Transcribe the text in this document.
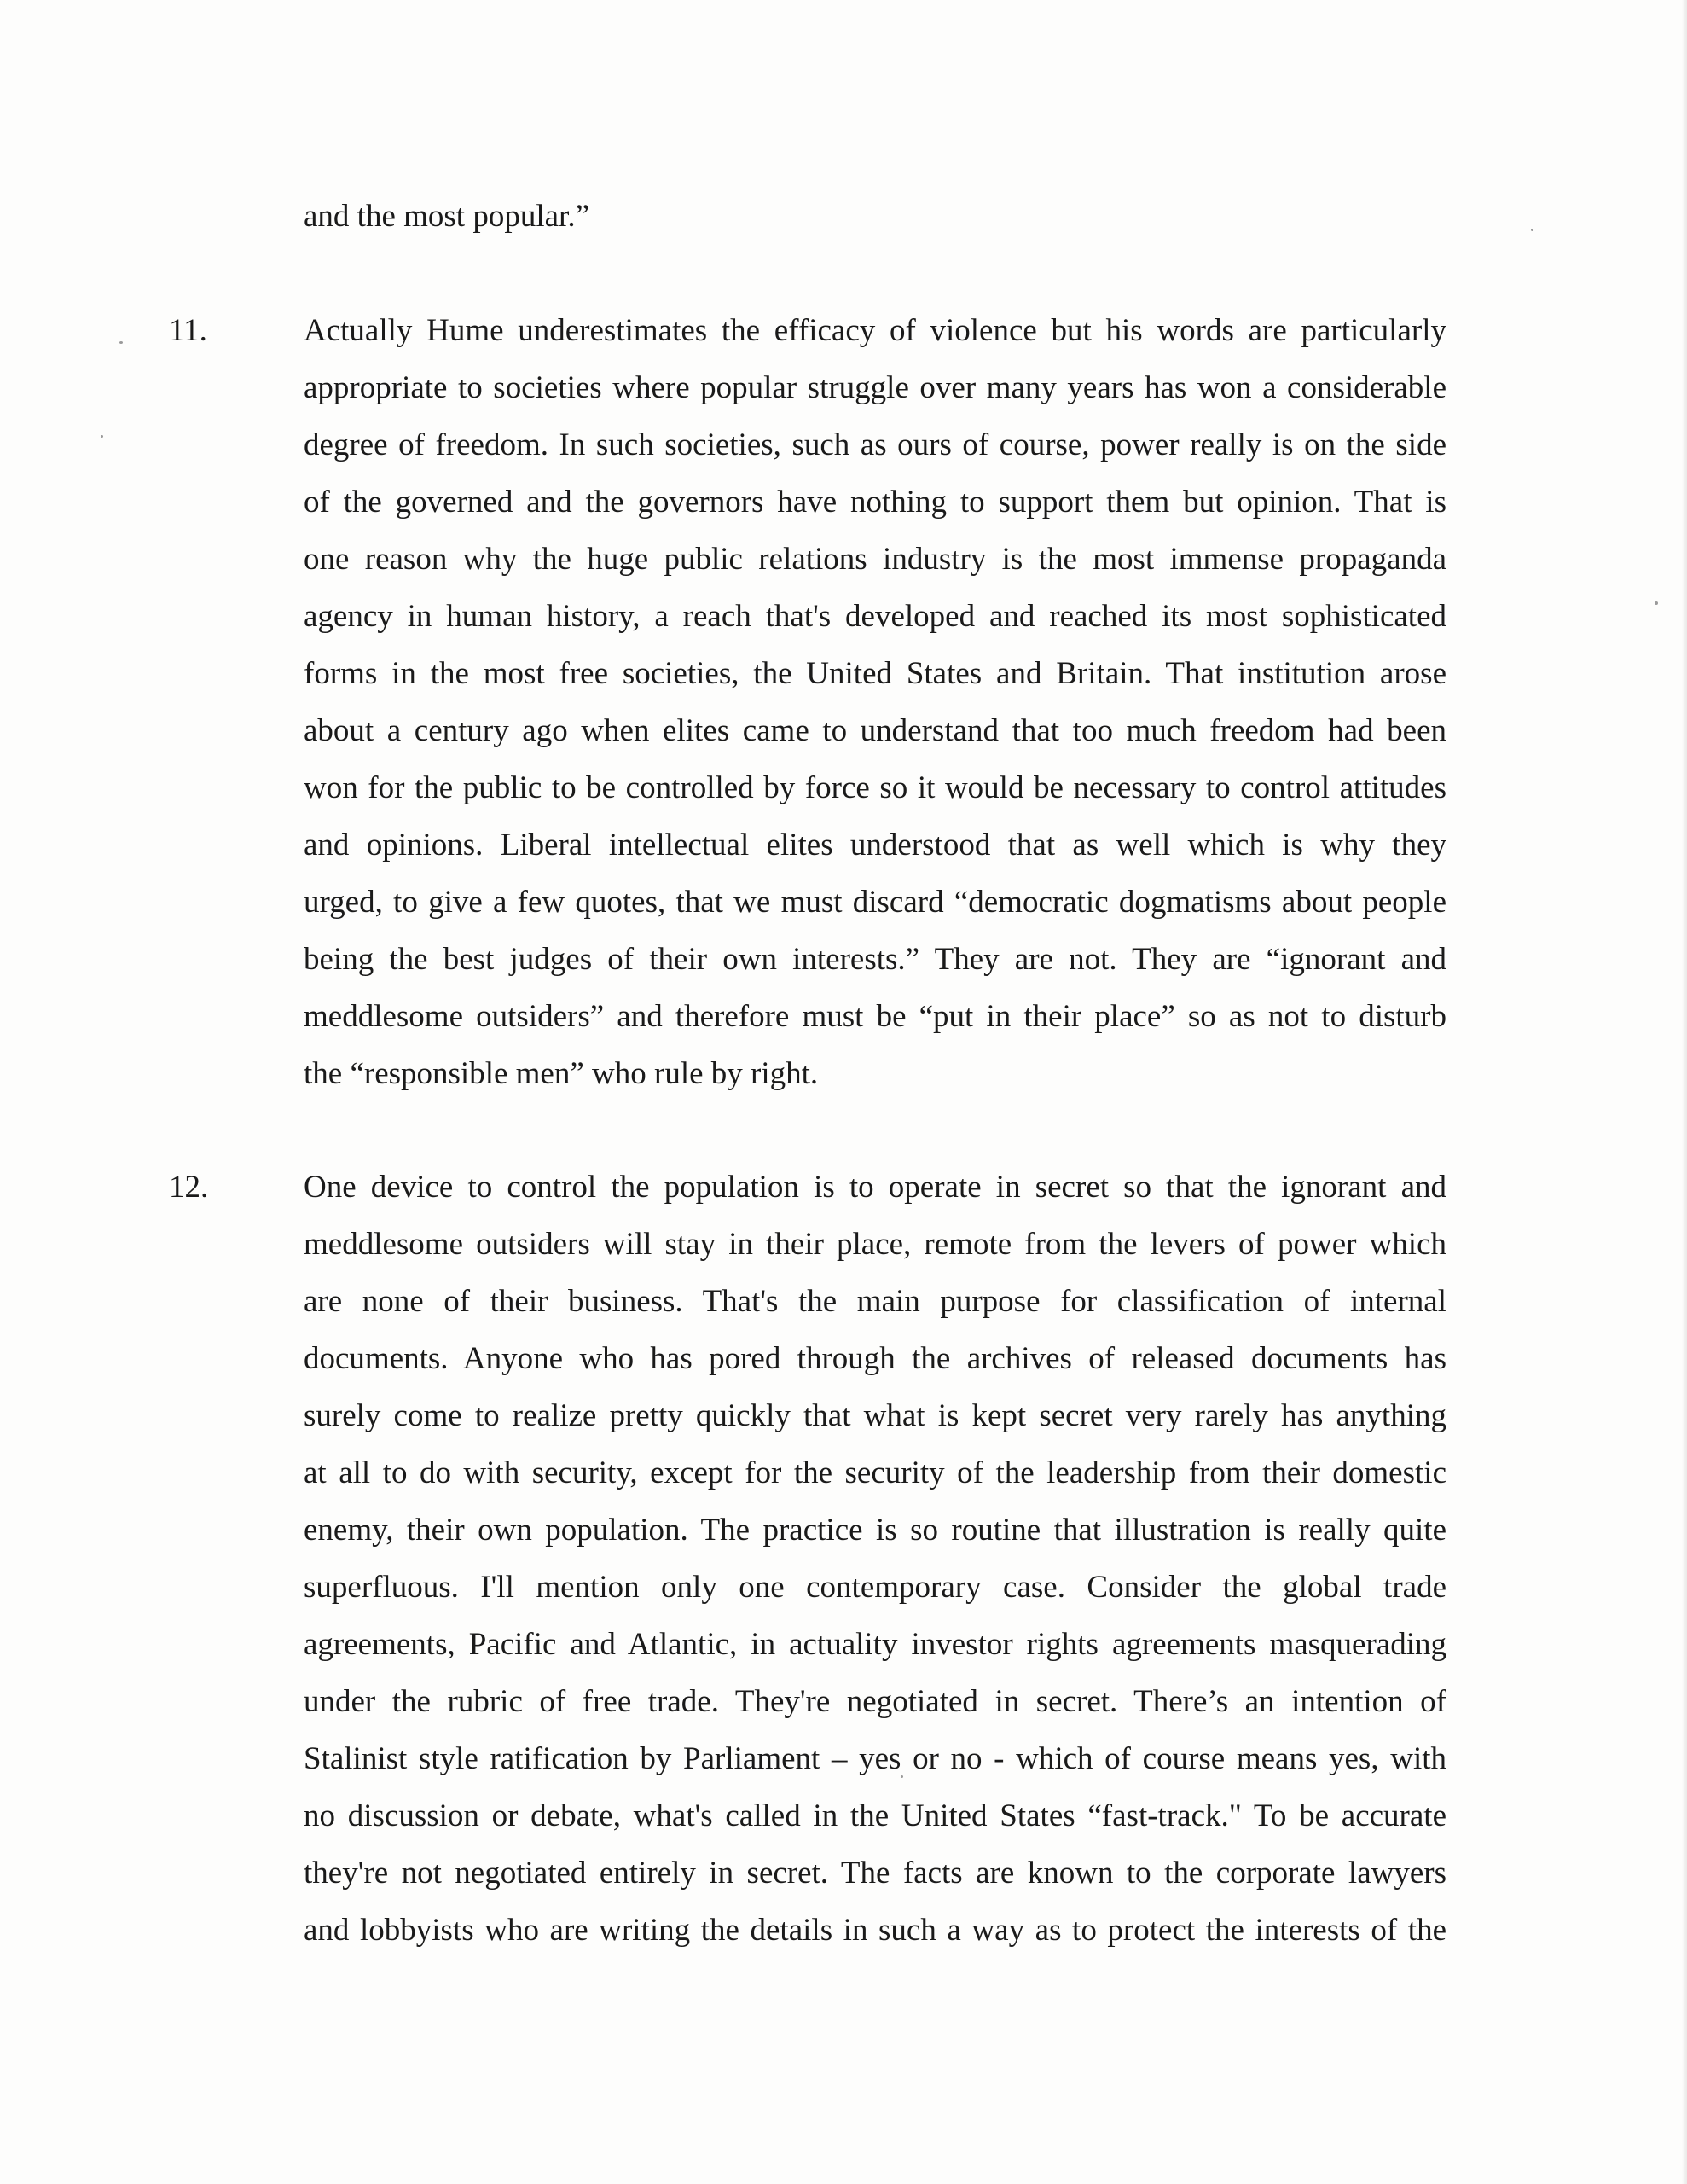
and the most popular.”
11.	Actually Hume underestimates the efficacy of violence but his words are particularly
appropriate to societies where popular struggle over many years has won a considerable
degree of freedom. In such societies, such as ours of course, power really is on the side
of the governed and the governors have nothing to support them but opinion. That is
one reason why the huge public relations industry is the most immense propaganda
agency in human history, a reach that's developed and reached its most sophisticated
forms in the most free societies, the United States and Britain. That institution arose
about a century ago when elites came to understand that too much freedom had been
won for the public to be controlled by force so it would be necessary to control attitudes
and opinions. Liberal intellectual elites understood that as well which is why they
urged, to give a few quotes, that we must discard “democratic dogmatisms about people
being the best judges of their own interests.” They are not. They are “ignorant and
meddlesome outsiders” and therefore must be “put in their place” so as not to disturb
the “responsible men” who rule by right.
12.	One device to control the population is to operate in secret so that the ignorant and
meddlesome outsiders will stay in their place, remote from the levers of power which
are none of their business. That's the main purpose for classification of internal
documents. Anyone who has pored through the archives of released documents has
surely come to realize pretty quickly that what is kept secret very rarely has anything
at all to do with security, except for the security of the leadership from their domestic
enemy, their own population. The practice is so routine that illustration is really quite
superfluous. I'll mention only one contemporary case. Consider the global trade
agreements, Pacific and Atlantic, in actuality investor rights agreements masquerading
under the rubric of free trade. They're negotiated in secret. There’s an intention of
Stalinist style ratification by Parliament – yes or no - which of course means yes, with
no discussion or debate, what's called in the United States “fast-track." To be accurate
they're not negotiated entirely in secret. The facts are known to the corporate lawyers
and lobbyists who are writing the details in such a way as to protect the interests of the
